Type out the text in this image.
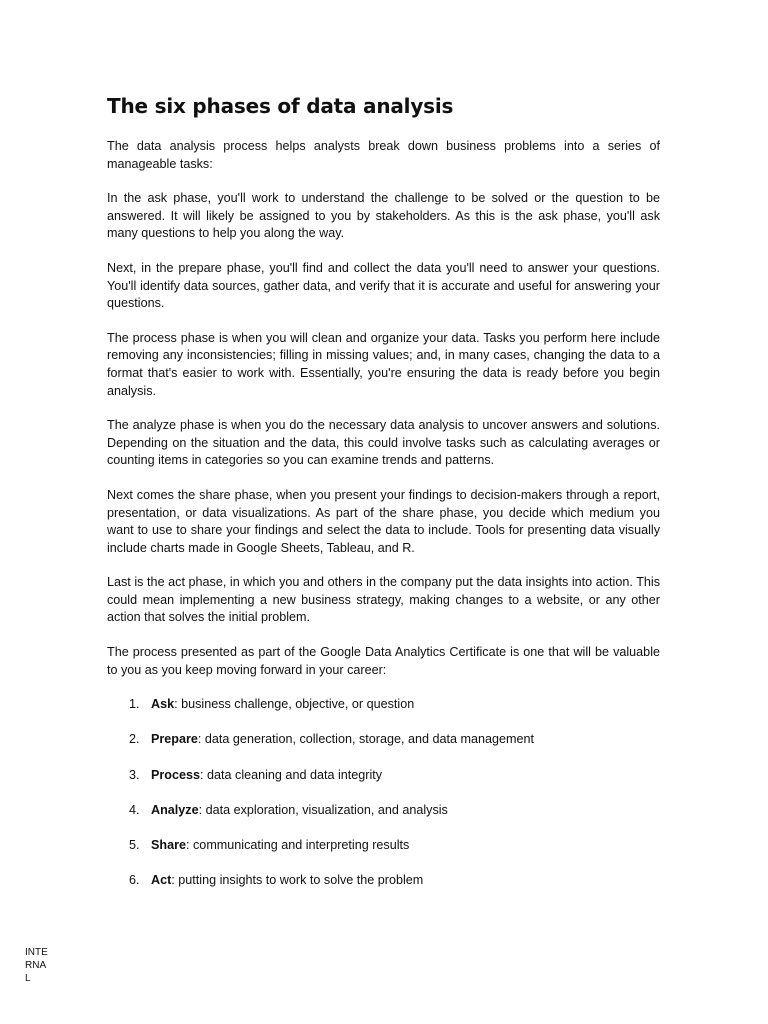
The six phases of data analysis

The data analysis process helps analysts break down business problems into a series of manageable tasks:

In the ask phase, you'll work to understand the challenge to be solved or the question to be answered. It will likely be assigned to you by stakeholders. As this is the ask phase, you'll ask many questions to help you along the way.

Next, in the prepare phase, you'll find and collect the data you'll need to answer your questions. You'll identify data sources, gather data, and verify that it is accurate and useful for answering your questions.

The process phase is when you will clean and organize your data. Tasks you perform here include removing any inconsistencies; filling in missing values; and, in many cases, changing the data to a format that's easier to work with. Essentially, you're ensuring the data is ready before you begin analysis.

The analyze phase is when you do the necessary data analysis to uncover answers and solutions. Depending on the situation and the data, this could involve tasks such as calculating averages or counting items in categories so you can examine trends and patterns.

Next comes the share phase, when you present your findings to decision-makers through a report, presentation, or data visualizations. As part of the share phase, you decide which medium you want to use to share your findings and select the data to include. Tools for presenting data visually include charts made in Google Sheets, Tableau, and R.

Last is the act phase, in which you and others in the company put the data insights into action. This could mean implementing a new business strategy, making changes to a website, or any other action that solves the initial problem.

The process presented as part of the Google Data Analytics Certificate is one that will be valuable to you as you keep moving forward in your career:

1. Ask: business challenge, objective, or question
2. Prepare: data generation, collection, storage, and data management
3. Process: data cleaning and data integrity
4. Analyze: data exploration, visualization, and analysis
5. Share: communicating and interpreting results
6. Act: putting insights to work to solve the problem
INTERNAL
